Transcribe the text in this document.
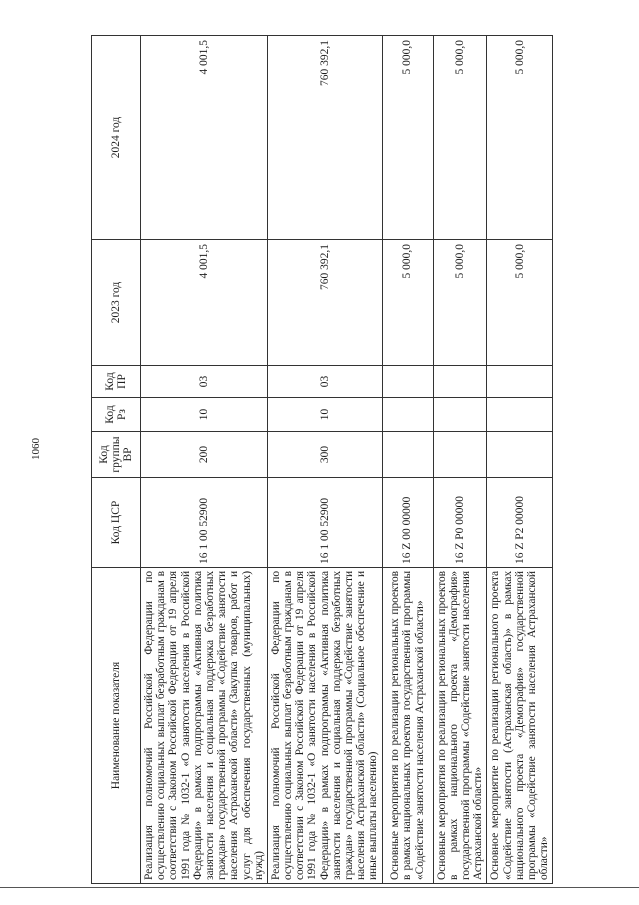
1060
Наименование показателя	Код ЦСР	Код группы ВР	Код Рз	Код ПР	2023 год	2024 год
Реализация полномочий Российской Федерации по осуществлению социальных выплат безработным гражданам в соответствии с Законом Российской Федерации от 19 апреля 1991 года № 1032-1 «О занятости населения в Российской Федерации» в рамках подпрограммы «Активная политика занятости населения и социальная поддержка безработных граждан» государственной программы «Содействие занятости населения Астраханской области» (Закупка товаров, работ и услуг для обеспечения государственных (муниципальных) нужд)	16 1 00 52900	200	10	03	4 001,5	4 001,5
Реализация полномочий Российской Федерации по осуществлению социальных выплат безработным гражданам в соответствии с Законом Российской Федерации от 19 апреля 1991 года № 1032-1 «О занятости населения в Российской Федерации» в рамках подпрограммы «Активная политика занятости населения и социальная поддержка безработных граждан» государственной программы «Содействие занятости населения Астраханской области» (Социальное обеспечение и иные выплаты населению)	16 1 00 52900	300	10	03	760 392,1	760 392,1
Основные мероприятия по реализации региональных проектов в рамках национальных проектов государственной программы «Содействие занятости населения Астраханской области»	16 Z 00 00000				5 000,0	5 000,0
Основные мероприятия по реализации региональных проектов в рамках национального проекта «Демография» государственной программы «Содействие занятости населения Астраханской области»	16 Z P0 00000				5 000,0	5 000,0
Основное мероприятие по реализации регионального проекта «Содействие занятости (Астраханская область)» в рамках национального проекта «Демография» государственной программы «Содействие занятости населения Астраханской области»	16 Z P2 00000				5 000,0	5 000,0
